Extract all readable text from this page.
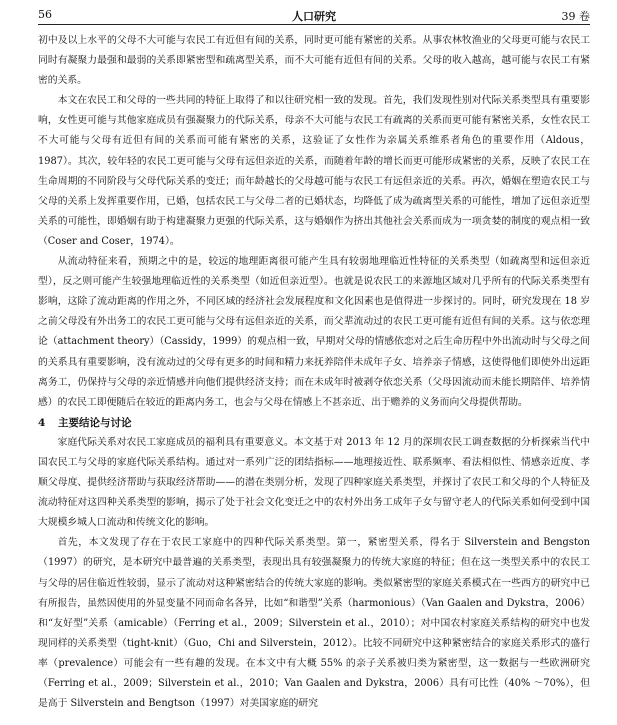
56	人口研究	39 卷

初中及以上水平的父母不大可能与农民工有近但有间的关系，同时更可能有紧密的关系。从事农林牧渔业的父母更可能与农民工同时有凝聚力最强和最弱的关系即紧密型和疏离型关系，而不大可能有近但有间的关系。父母的收入越高，越可能与农民工有紧密的关系。

本文在农民工和父母的一些共同的特征上取得了和以往研究相一致的发现。首先，我们发现性别对代际关系类型具有重要影响，女性更可能与其他家庭成员有强凝聚力的代际关系，母亲不大可能与农民工有疏离的关系而更可能有紧密关系，女性农民工不大可能与父母有近但有间的关系而可能有紧密的关系，这验证了女性作为亲属关系维系者角色的重要作用（Aldous，1987）。其次，较年轻的农民工更可能与父母有远但亲近的关系，而随着年龄的增长而更可能形成紧密的关系，反映了农民工在生命周期的不同阶段与父母代际关系的变迁；而年龄越长的父母越可能与农民工有远但亲近的关系。再次，婚姻在塑造农民工与父母的关系上发挥重要作用，已婚，包括农民工与父母二者的已婚状态，均降低了成为疏离型关系的可能性，增加了远但亲近型关系的可能性，即婚姻有助于构建凝聚力更强的代际关系，这与婚姻作为挤出其他社会关系而成为一项贪婪的制度的观点相一致（Coser and Coser，1974）。

从流动特征来看，预期之中的是，较远的地理距离很可能产生具有较弱地理临近性特征的关系类型（如疏离型和远但亲近型），反之则可能产生较强地理临近性的关系类型（如近但亲近型）。也就是说农民工的来源地区域对几乎所有的代际关系类型有影响，这除了流动距离的作用之外，不同区域的经济社会发展程度和文化因素也是值得进一步探讨的。同时，研究发现在 18 岁之前父母没有外出务工的农民工更可能与父母有远但亲近的关系，而父辈流动过的农民工更可能有近但有间的关系。这与依恋理论（attachment theory）（Cassidy，1999）的观点相一致，早期对父母的情感依恋对之后生命历程中外出流动时与父母之间的关系具有重要影响，没有流动过的父母有更多的时间和精力来抚养陪伴未成年子女、培养亲子情感，这使得他们即使外出远距离务工，仍保持与父母的亲近情感并向他们提供经济支持；而在未成年时被剥夺依恋关系（父母因流动而未能长期陪伴、培养情感）的农民工即便随后在较近的距离内务工，也会与父母在情感上不甚亲近、出于赡养的义务而向父母提供帮助。

4 主要结论与讨论

家庭代际关系对农民工家庭成员的福利具有重要意义。本文基于对 2013 年 12 月的深圳农民工调查数据的分析探索当代中国农民工与父母的家庭代际关系结构。通过对一系列广泛的团结指标——地理接近性、联系频率、看法相似性、情感亲近度、孝顺父母度、提供经济帮助与获取经济帮助——的潜在类别分析，发现了四种家庭关系类型，并探讨了农民工和父母的个人特征及流动特征对这四种关系类型的影响，揭示了处于社会文化变迁之中的农村外出务工成年子女与留守老人的代际关系如何受到中国大规模乡城人口流动和传统文化的影响。

首先，本文发现了存在于农民工家庭中的四种代际关系类型。第一，紧密型关系，得名于 Silverstein and Bengston（1997）的研究，是本研究中最普遍的关系类型，表现出具有较强凝聚力的传统大家庭的特征；但在这一类型关系中的农民工与父母的居住临近性较弱，显示了流动对这种紧密结合的传统大家庭的影响。类似紧密型的家庭关系模式在一些西方的研究中已有所报告，虽然因使用的外显变量不同而命名各异，比如“和谐型”关系（harmonious）（Van Gaalen and Dykstra，2006）和“友好型”关系（amicable）（Ferring et al.，2009；Silverstein et al.，2010）；对中国农村家庭关系结构的研究中也发现同样的关系类型（tight-knit）（Guo，Chi and Silverstein，2012）。比较不同研究中这种紧密结合的家庭关系形式的盛行率（prevalence）可能会有一些有趣的发现。在本文中有大概 55% 的亲子关系被归类为紧密型，这一数据与一些欧洲研究（Ferring et al.，2009；Silverstein et al.，2010；Van Gaalen and Dykstra，2006）具有可比性（40% ～70%），但是高于 Silverstein and Bengtson（1997）对美国家庭的研究
